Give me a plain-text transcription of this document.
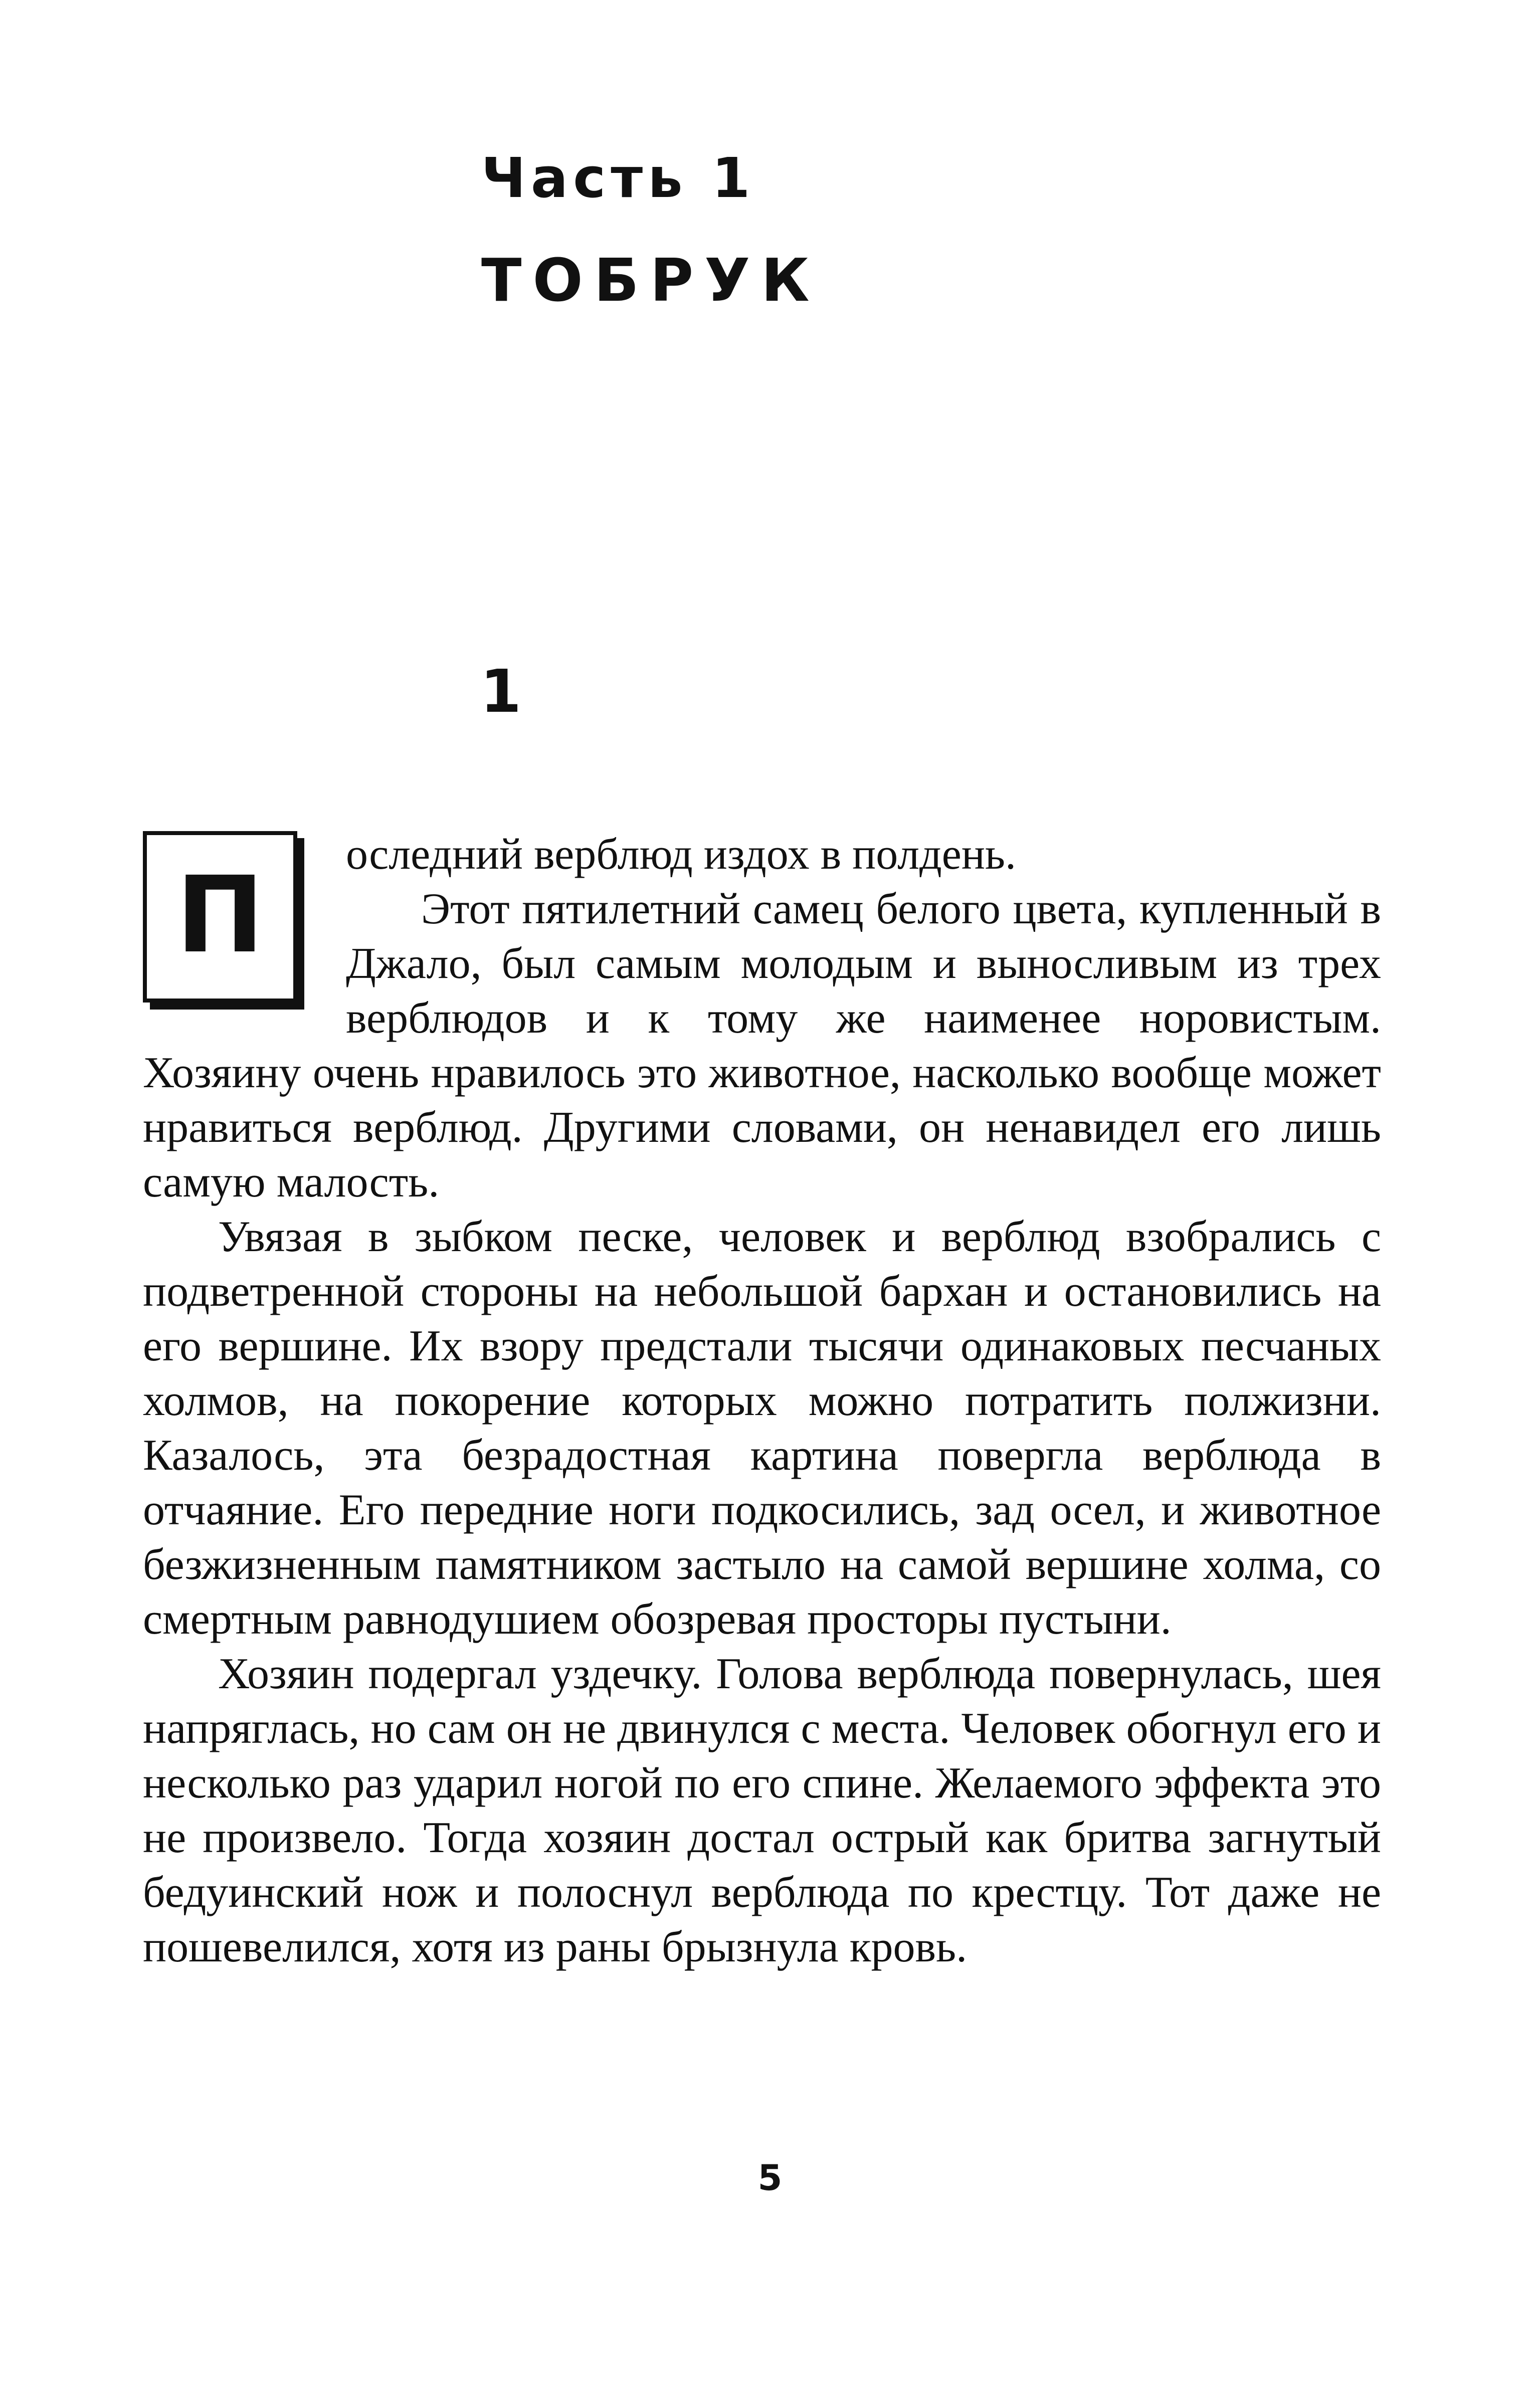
Часть 1
ТОБРУК
1
П	оследний верблюд издох в полдень.

Этот пятилетний самец белого цвета, купленный в Джало, был самым молодым и выносливым из трех верблюдов и к тому же наименее норовистым. Хозяину очень нравилось это животное, насколько вообще может нравиться верблюд. Другими словами, он ненавидел его лишь самую малость.

Увязая в зыбком песке, человек и верблюд взобрались с подветренной стороны на небольшой бархан и остановились на его вершине. Их взору предстали тысячи одинаковых песчаных холмов, на покорение которых можно потратить полжизни. Казалось, эта безрадостная картина повергла верблюда в отчаяние. Его передние ноги подкосились, зад осел, и животное безжизненным памятником застыло на самой вершине холма, со смертным равнодушием обозревая просторы пустыни.

Хозяин подергал уздечку. Голова верблюда повернулась, шея напряглась, но сам он не двинулся с места. Человек обогнул его и несколько раз ударил ногой по его спине. Желаемого эффекта это не произвело. Тогда хозяин достал острый как бритва загнутый бедуинский нож и полоснул верблюда по крестцу. Тот даже не пошевелился, хотя из раны брызнула кровь.

5
